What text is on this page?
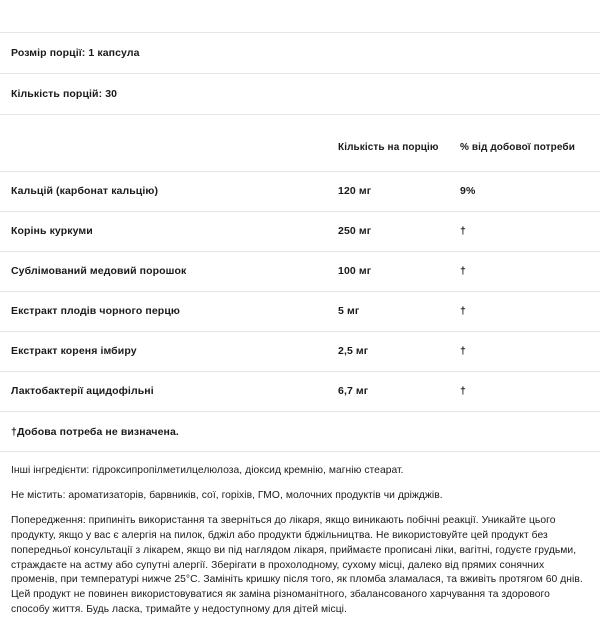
Розмір порції: 1 капсула
Кількість порцій: 30
	Кількість на порцію	% від добової потреби
Кальцій (карбонат кальцію)	120 мг	9%
Корінь куркуми	250 мг	†
Сублімований медовий порошок	100 мг	†
Екстракт плодів чорного перцю	5 мг	†
Екстракт кореня імбиру	2,5 мг	†
Лактобактерії ацидофільні	6,7 мг	†
†Добова потреба не визначена.

Інші інгредієнти: гідроксипропілметилцелюлоза, діоксид кремнію, магнію стеарат.

Не містить: ароматизаторів, барвників, сої, горіхів, ГМО, молочних продуктів чи дріжджів.

Попередження: припиніть використання та зверніться до лікаря, якщо виникають побічні реакції. Уникайте цього продукту, якщо у вас є алергія на пилок, бджіл або продукти бджільництва. Не використовуйте цей продукт без попередньої консультації з лікарем, якщо ви під наглядом лікаря, приймаєте прописані ліки, вагітні, годуєте грудьми, страждаєте на астму або супутні алергії. Зберігати в прохолодному, сухому місці, далеко від прямих сонячних променів, при температурі нижче 25°C. Замініть кришку після того, як пломба зламалася, та вживіть протягом 60 днів. Цей продукт не повинен використовуватися як заміна різноманітного, збалансованого харчування та здорового способу життя. Будь ласка, тримайте у недоступному для дітей місці.
